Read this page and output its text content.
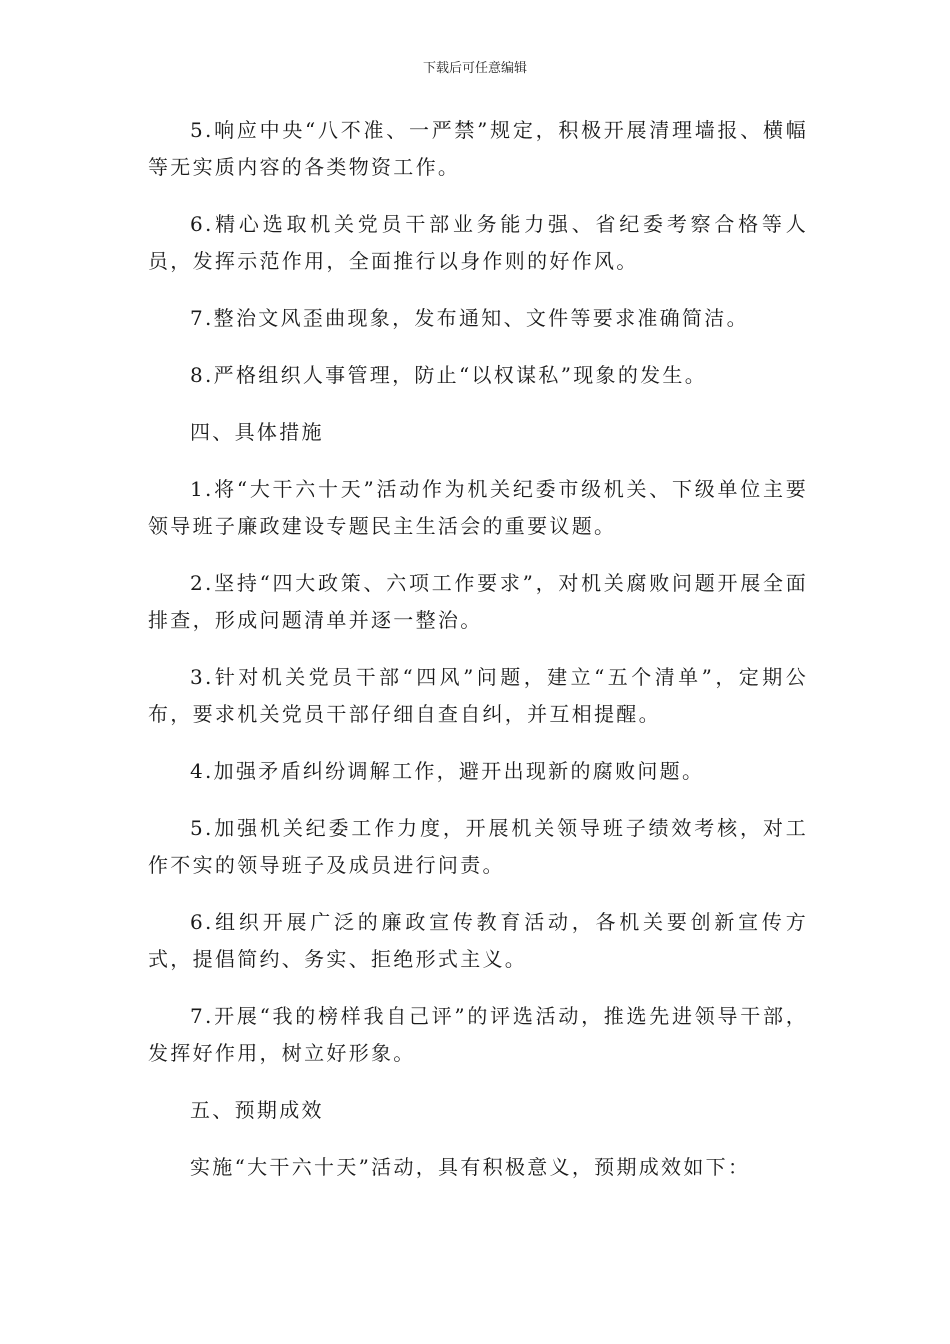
下载后可任意编辑

5.响应中央“八不准、一严禁”规定，积极开展清理墙报、横幅等无实质内容的各类物资工作。

6.精心选取机关党员干部业务能力强、省纪委考察合格等人员，发挥示范作用，全面推行以身作则的好作风。

7.整治文风歪曲现象，发布通知、文件等要求准确简洁。

8.严格组织人事管理，防止“以权谋私”现象的发生。

四、具体措施

1.将“大干六十天”活动作为机关纪委市级机关、下级单位主要领导班子廉政建设专题民主生活会的重要议题。

2.坚持“四大政策、六项工作要求”，对机关腐败问题开展全面排查，形成问题清单并逐一整治。

3.针对机关党员干部“四风”问题，建立“五个清单”，定期公布，要求机关党员干部仔细自查自纠，并互相提醒。

4.加强矛盾纠纷调解工作，避开出现新的腐败问题。

5.加强机关纪委工作力度，开展机关领导班子绩效考核，对工作不实的领导班子及成员进行问责。

6.组织开展广泛的廉政宣传教育活动，各机关要创新宣传方式，提倡简约、务实、拒绝形式主义。

7.开展“我的榜样我自己评”的评选活动，推选先进领导干部，发挥好作用，树立好形象。

五、预期成效

实施“大干六十天”活动，具有积极意义，预期成效如下：
